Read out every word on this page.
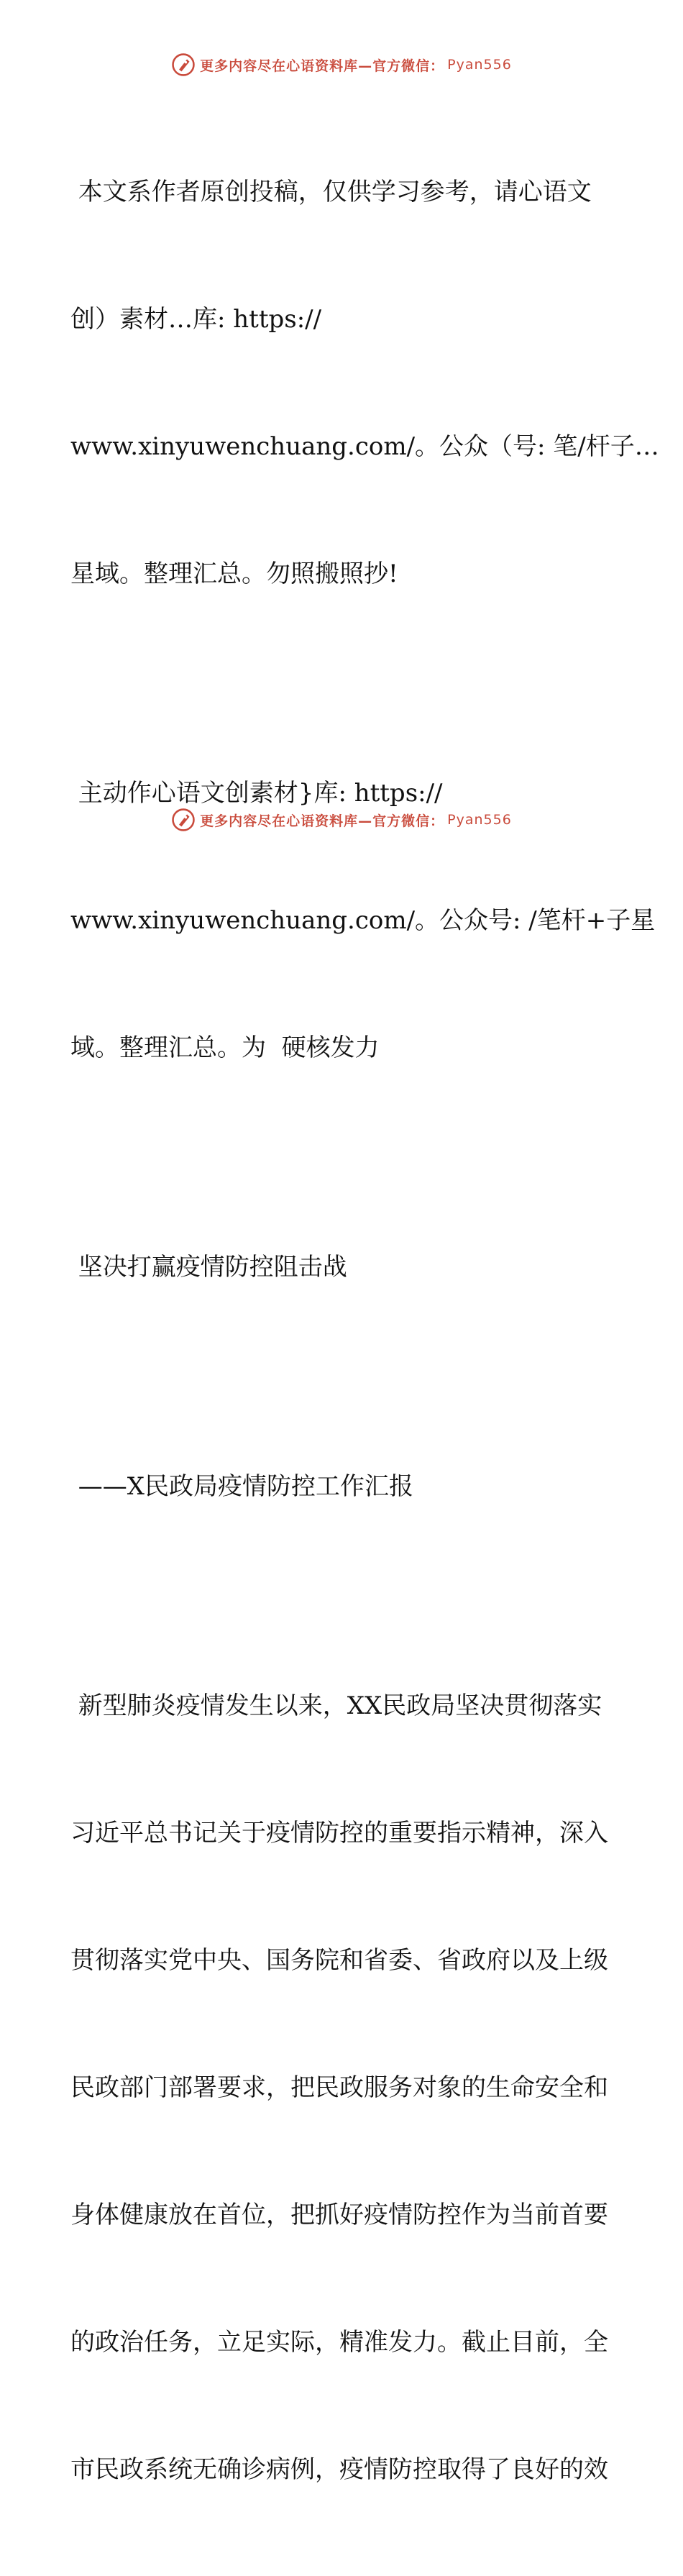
更多内容尽在心语资料库—官方微信： Pyan556

本文系作者原创投稿，仅供学习参考，请心语文

创）素材…库: https://

www.xinyuwenchuang.com/。公众（号: 笔/杆子…

星域。整理汇总。勿照搬照抄!

主动作心语文创素材}库: https://

www.xinyuwenchuang.com/。公众号: /笔杆+子星

域。整理汇总。为  硬核发力

坚决打赢疫情防控阻击战

——X民政局疫情防控工作汇报

新型肺炎疫情发生以来，XX民政局坚决贯彻落实

习近平总书记关于疫情防控的重要指示精神，深入

贯彻落实党中央、国务院和省委、省政府以及上级

民政部门部署要求，把民政服务对象的生命安全和

身体健康放在首位，把抓好疫情防控作为当前首要

的政治任务，立足实际，精准发力。截止目前，全

市民政系统无确诊病例，疫情防控取得了良好的效

更多内容尽在心语资料库—官方微信： Pyan556
